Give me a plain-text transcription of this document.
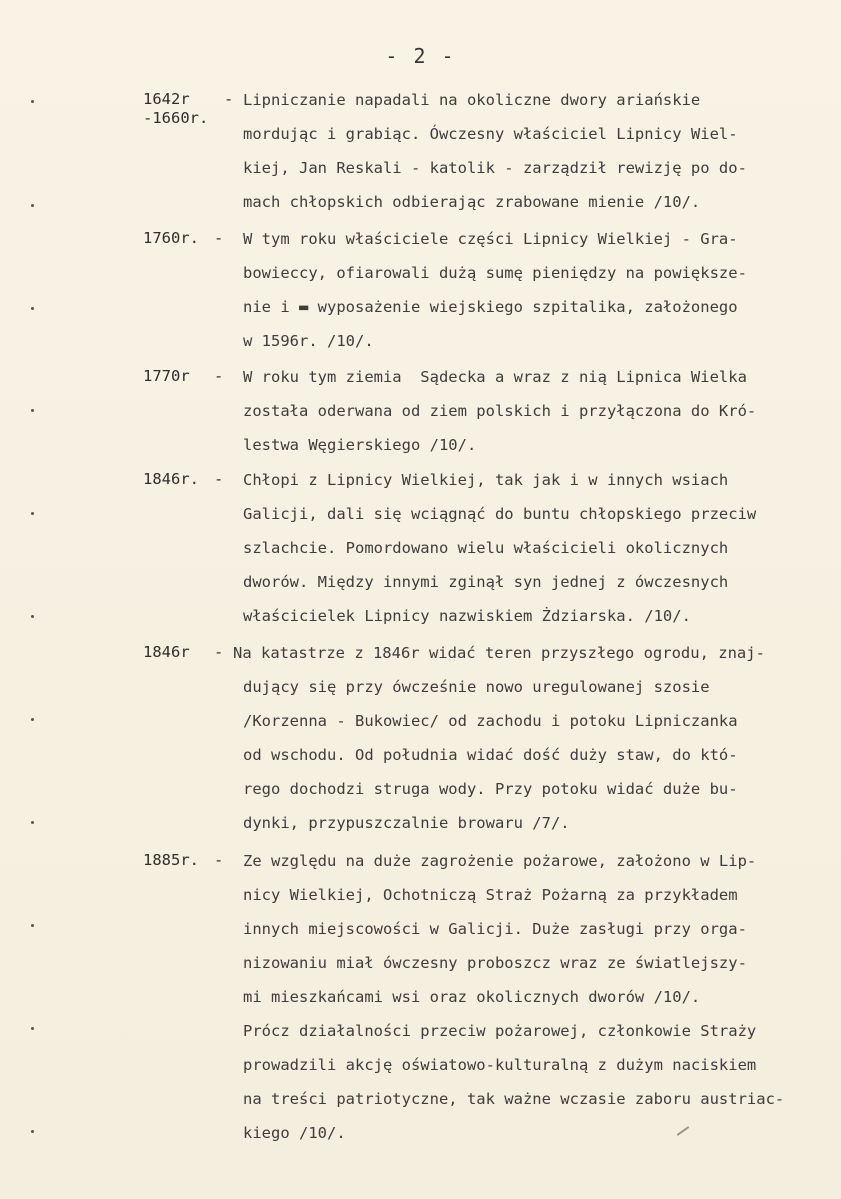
- 2 -
1642r
-1660r.
- Lipniczanie napadali na okoliczne dwory ariańskie
mordując i grabiąc. Ówczesny właściciel Lipnicy Wiel-
kiej, Jan Reskali - katolik - zarządził rewizję po do-
mach chłopskich odbierając zrabowane mienie /10/.
1760r. - W tym roku właściciele części Lipnicy Wielkiej - Gra-
bowieccy, ofiarowali dużą sumę pieniędzy na powiększe-
nie i ▬ wyposażenie wiejskiego szpitalika, założonego
w 1596r. /10/.
1770r	- W roku tym ziemia  Sądecka a wraz z nią Lipnica Wielka
została oderwana od ziem polskich i przyłączona do Kró-
lestwa Węgierskiego /10/.
1846r. - Chłopi z Lipnicy Wielkiej, tak jak i w innych wsiach
Galicji, dali się wciągnąć do buntu chłopskiego przeciw
szlachcie. Pomordowano wielu właścicieli okolicznych
dworów. Między innymi zginął syn jednej z ówczesnych
właścicielek Lipnicy nazwiskiem Żdziarska. /10/.
1846r	- Na katastrze z 1846r widać teren przyszłego ogrodu, znaj-
dujący się przy ówcześnie nowo uregulowanej szosie
/Korzenna - Bukowiec/ od zachodu i potoku Lipniczanka
od wschodu. Od południa widać dość duży staw, do któ-
rego dochodzi struga wody. Przy potoku widać duże bu-
dynki, przypuszczalnie browaru /7/.
1885r. - Ze względu na duże zagrożenie pożarowe, założono w Lip-
nicy Wielkiej, Ochotniczą Straż Pożarną za przykładem
innych miejscowości w Galicji. Duże zasługi przy orga-
nizowaniu miał ówczesny proboszcz wraz ze światlejszy-
mi mieszkańcami wsi oraz okolicznych dworów /10/.
Prócz działalności przeciw pożarowej, członkowie Straży
prowadzili akcję oświatowo-kulturalną z dużym naciskiem
na treści patriotyczne, tak ważne wczasie zaboru austriac-
kiego /10/.
